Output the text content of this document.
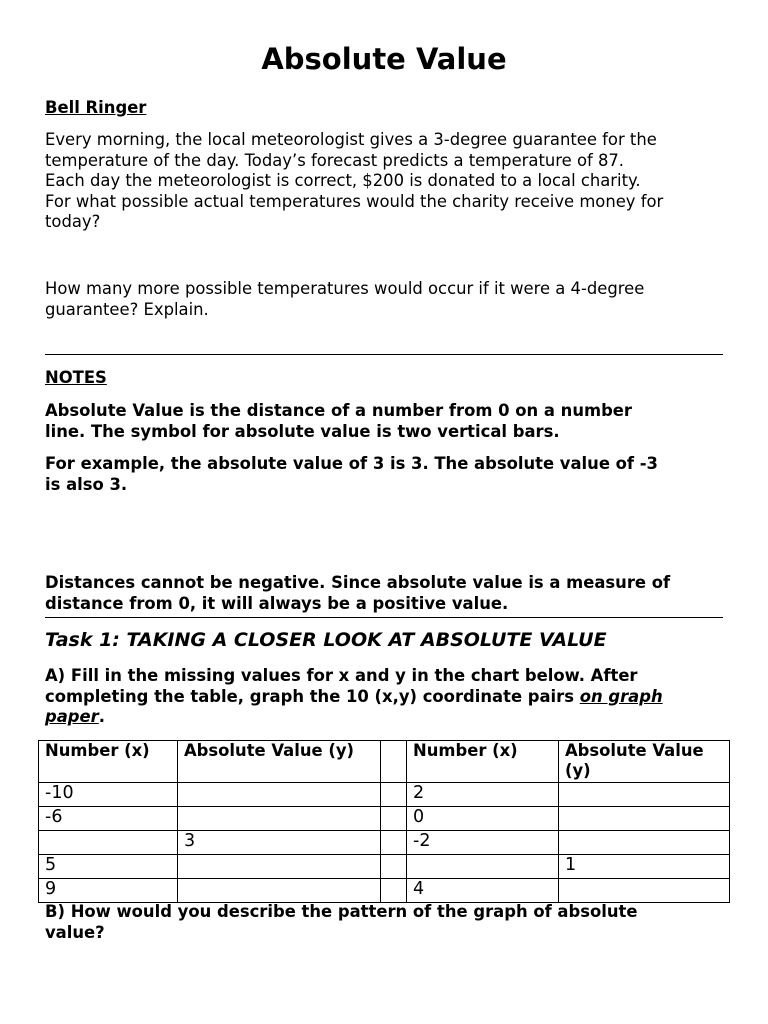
Absolute Value
Bell Ringer
Every morning, the local meteorologist gives a 3-degree guarantee for the
temperature of the day. Today’s forecast predicts a temperature of 87.
Each day the meteorologist is correct, $200 is donated to a local charity.
For what possible actual temperatures would the charity receive money for
today?
How many more possible temperatures would occur if it were a 4-degree
guarantee? Explain.
NOTES
Absolute Value is the distance of a number from 0 on a number
line. The symbol for absolute value is two vertical bars.
For example, the absolute value of 3 is 3. The absolute value of -3
is also 3.
Distances cannot be negative. Since absolute value is a measure of
distance from 0, it will always be a positive value.
Task 1: TAKING A CLOSER LOOK AT ABSOLUTE VALUE
A) Fill in the missing values for x and y in the chart below. After
completing the table, graph the 10 (x,y) coordinate pairs on graph
paper.
Number (x)	Absolute Value (y)		Number (x)	Absolute Value (y)
-10			2	
-6			0	
	3		-2	
5				1
9			4	
B) How would you describe the pattern of the graph of absolute
value?
